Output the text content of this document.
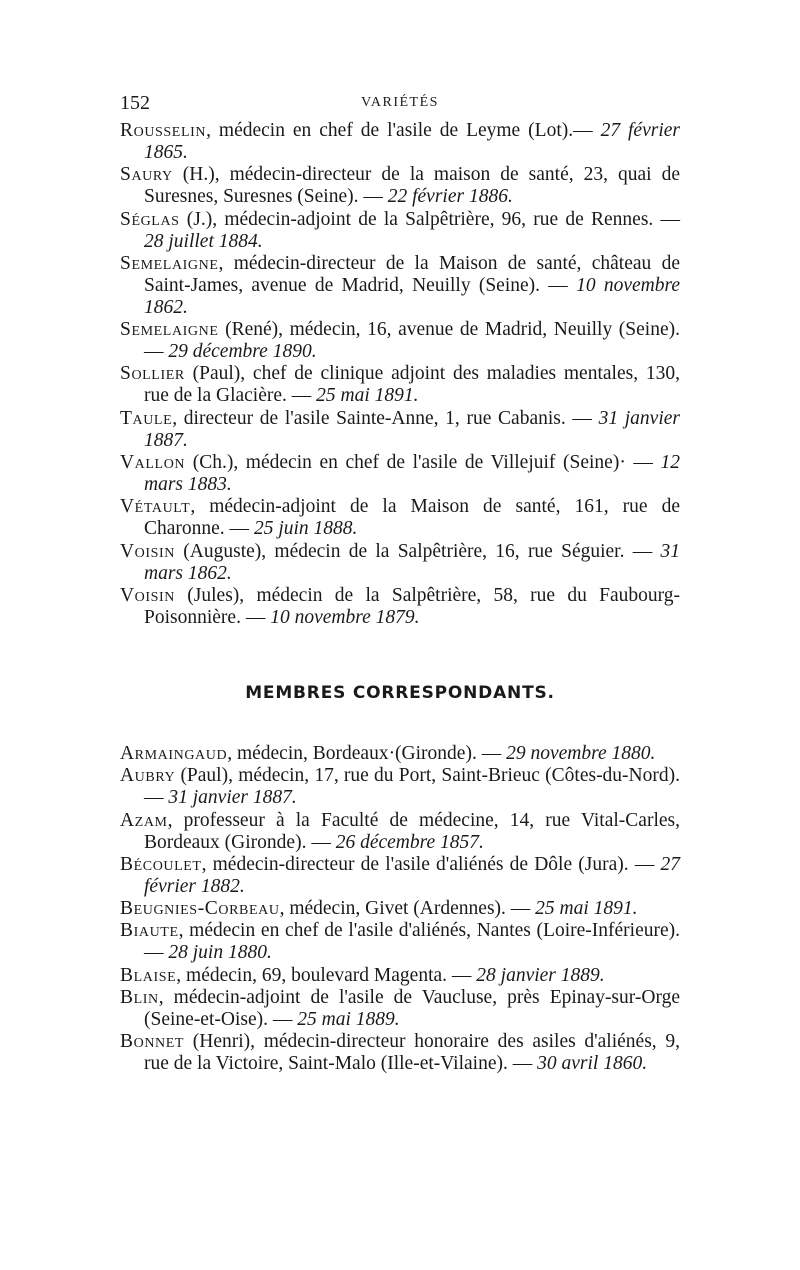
152	VARIÉTÉS

Rousselin, médecin en chef de l'asile de Leyme (Lot).— 27 février 1865.

Saury (H.), médecin-directeur de la maison de santé, 23, quai de Suresnes, Suresnes (Seine). — 22 février 1886.

Séglas (J.), médecin-adjoint de la Salpêtrière, 96, rue de Rennes. — 28 juillet 1884.

Semelaigne, médecin-directeur de la Maison de santé, château de Saint-James, avenue de Madrid, Neuilly (Seine). — 10 novembre 1862.

Semelaigne (René), médecin, 16, avenue de Madrid, Neuilly (Seine). — 29 décembre 1890.

Sollier (Paul), chef de clinique adjoint des maladies mentales, 130, rue de la Glacière. — 25 mai 1891.

Taule, directeur de l'asile Sainte-Anne, 1, rue Cabanis. — 31 janvier 1887.

Vallon (Ch.), médecin en chef de l'asile de Villejuif (Seine)· — 12 mars 1883.

Vétault, médecin-adjoint de la Maison de santé, 161, rue de Charonne. — 25 juin 1888.

Voisin (Auguste), médecin de la Salpêtrière, 16, rue Séguier. — 31 mars 1862.

Voisin (Jules), médecin de la Salpêtrière, 58, rue du Faubourg-Poisonnière. — 10 novembre 1879.

MEMBRES CORRESPONDANTS.

Armaingaud, médecin, Bordeaux·(Gironde). — 29 novembre 1880.

Aubry (Paul), médecin, 17, rue du Port, Saint-Brieuc (Côtes-du-Nord). — 31 janvier 1887.

Azam, professeur à la Faculté de médecine, 14, rue Vital-Carles, Bordeaux (Gironde). — 26 décembre 1857.

Bécoulet, médecin-directeur de l'asile d'aliénés de Dôle (Jura). — 27 février 1882.

Beugnies-Corbeau, médecin, Givet (Ardennes). — 25 mai 1891.

Biaute, médecin en chef de l'asile d'aliénés, Nantes (Loire-Inférieure). — 28 juin 1880.

Blaise, médecin, 69, boulevard Magenta. — 28 janvier 1889.

Blin, médecin-adjoint de l'asile de Vaucluse, près Epinay-sur-Orge (Seine-et-Oise). — 25 mai 1889.

Bonnet (Henri), médecin-directeur honoraire des asiles d'aliénés, 9, rue de la Victoire, Saint-Malo (Ille-et-Vilaine). — 30 avril 1860.
